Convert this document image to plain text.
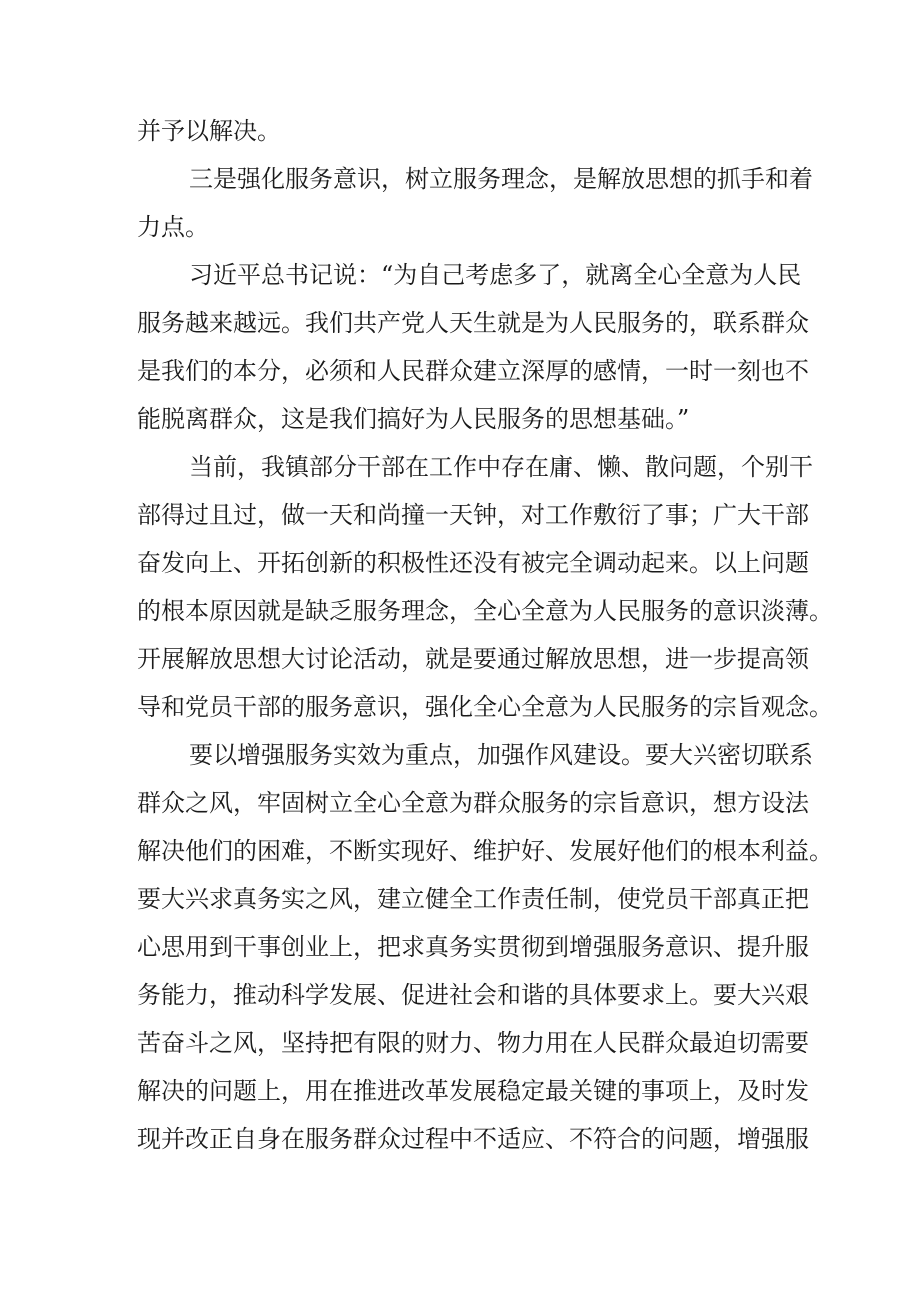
并予以解决。
三是强化服务意识，树立服务理念，是解放思想的抓手和着
力点。
习近平总书记说：“为自己考虑多了，就离全心全意为人民
服务越来越远。我们共产党人天生就是为人民服务的，联系群众
是我们的本分，必须和人民群众建立深厚的感情，一时一刻也不
能脱离群众，这是我们搞好为人民服务的思想基础。”
当前，我镇部分干部在工作中存在庸、懒、散问题，个别干
部得过且过，做一天和尚撞一天钟，对工作敷衍了事；广大干部
奋发向上、开拓创新的积极性还没有被完全调动起来。以上问题
的根本原因就是缺乏服务理念，全心全意为人民服务的意识淡薄。
开展解放思想大讨论活动，就是要通过解放思想，进一步提高领
导和党员干部的服务意识，强化全心全意为人民服务的宗旨观念。
要以增强服务实效为重点，加强作风建设。要大兴密切联系
群众之风，牢固树立全心全意为群众服务的宗旨意识，想方设法
解决他们的困难，不断实现好、维护好、发展好他们的根本利益。
要大兴求真务实之风，建立健全工作责任制，使党员干部真正把
心思用到干事创业上，把求真务实贯彻到增强服务意识、提升服
务能力，推动科学发展、促进社会和谐的具体要求上。要大兴艰
苦奋斗之风，坚持把有限的财力、物力用在人民群众最迫切需要
解决的问题上，用在推进改革发展稳定最关键的事项上，及时发
现并改正自身在服务群众过程中不适应、不符合的问题，增强服
